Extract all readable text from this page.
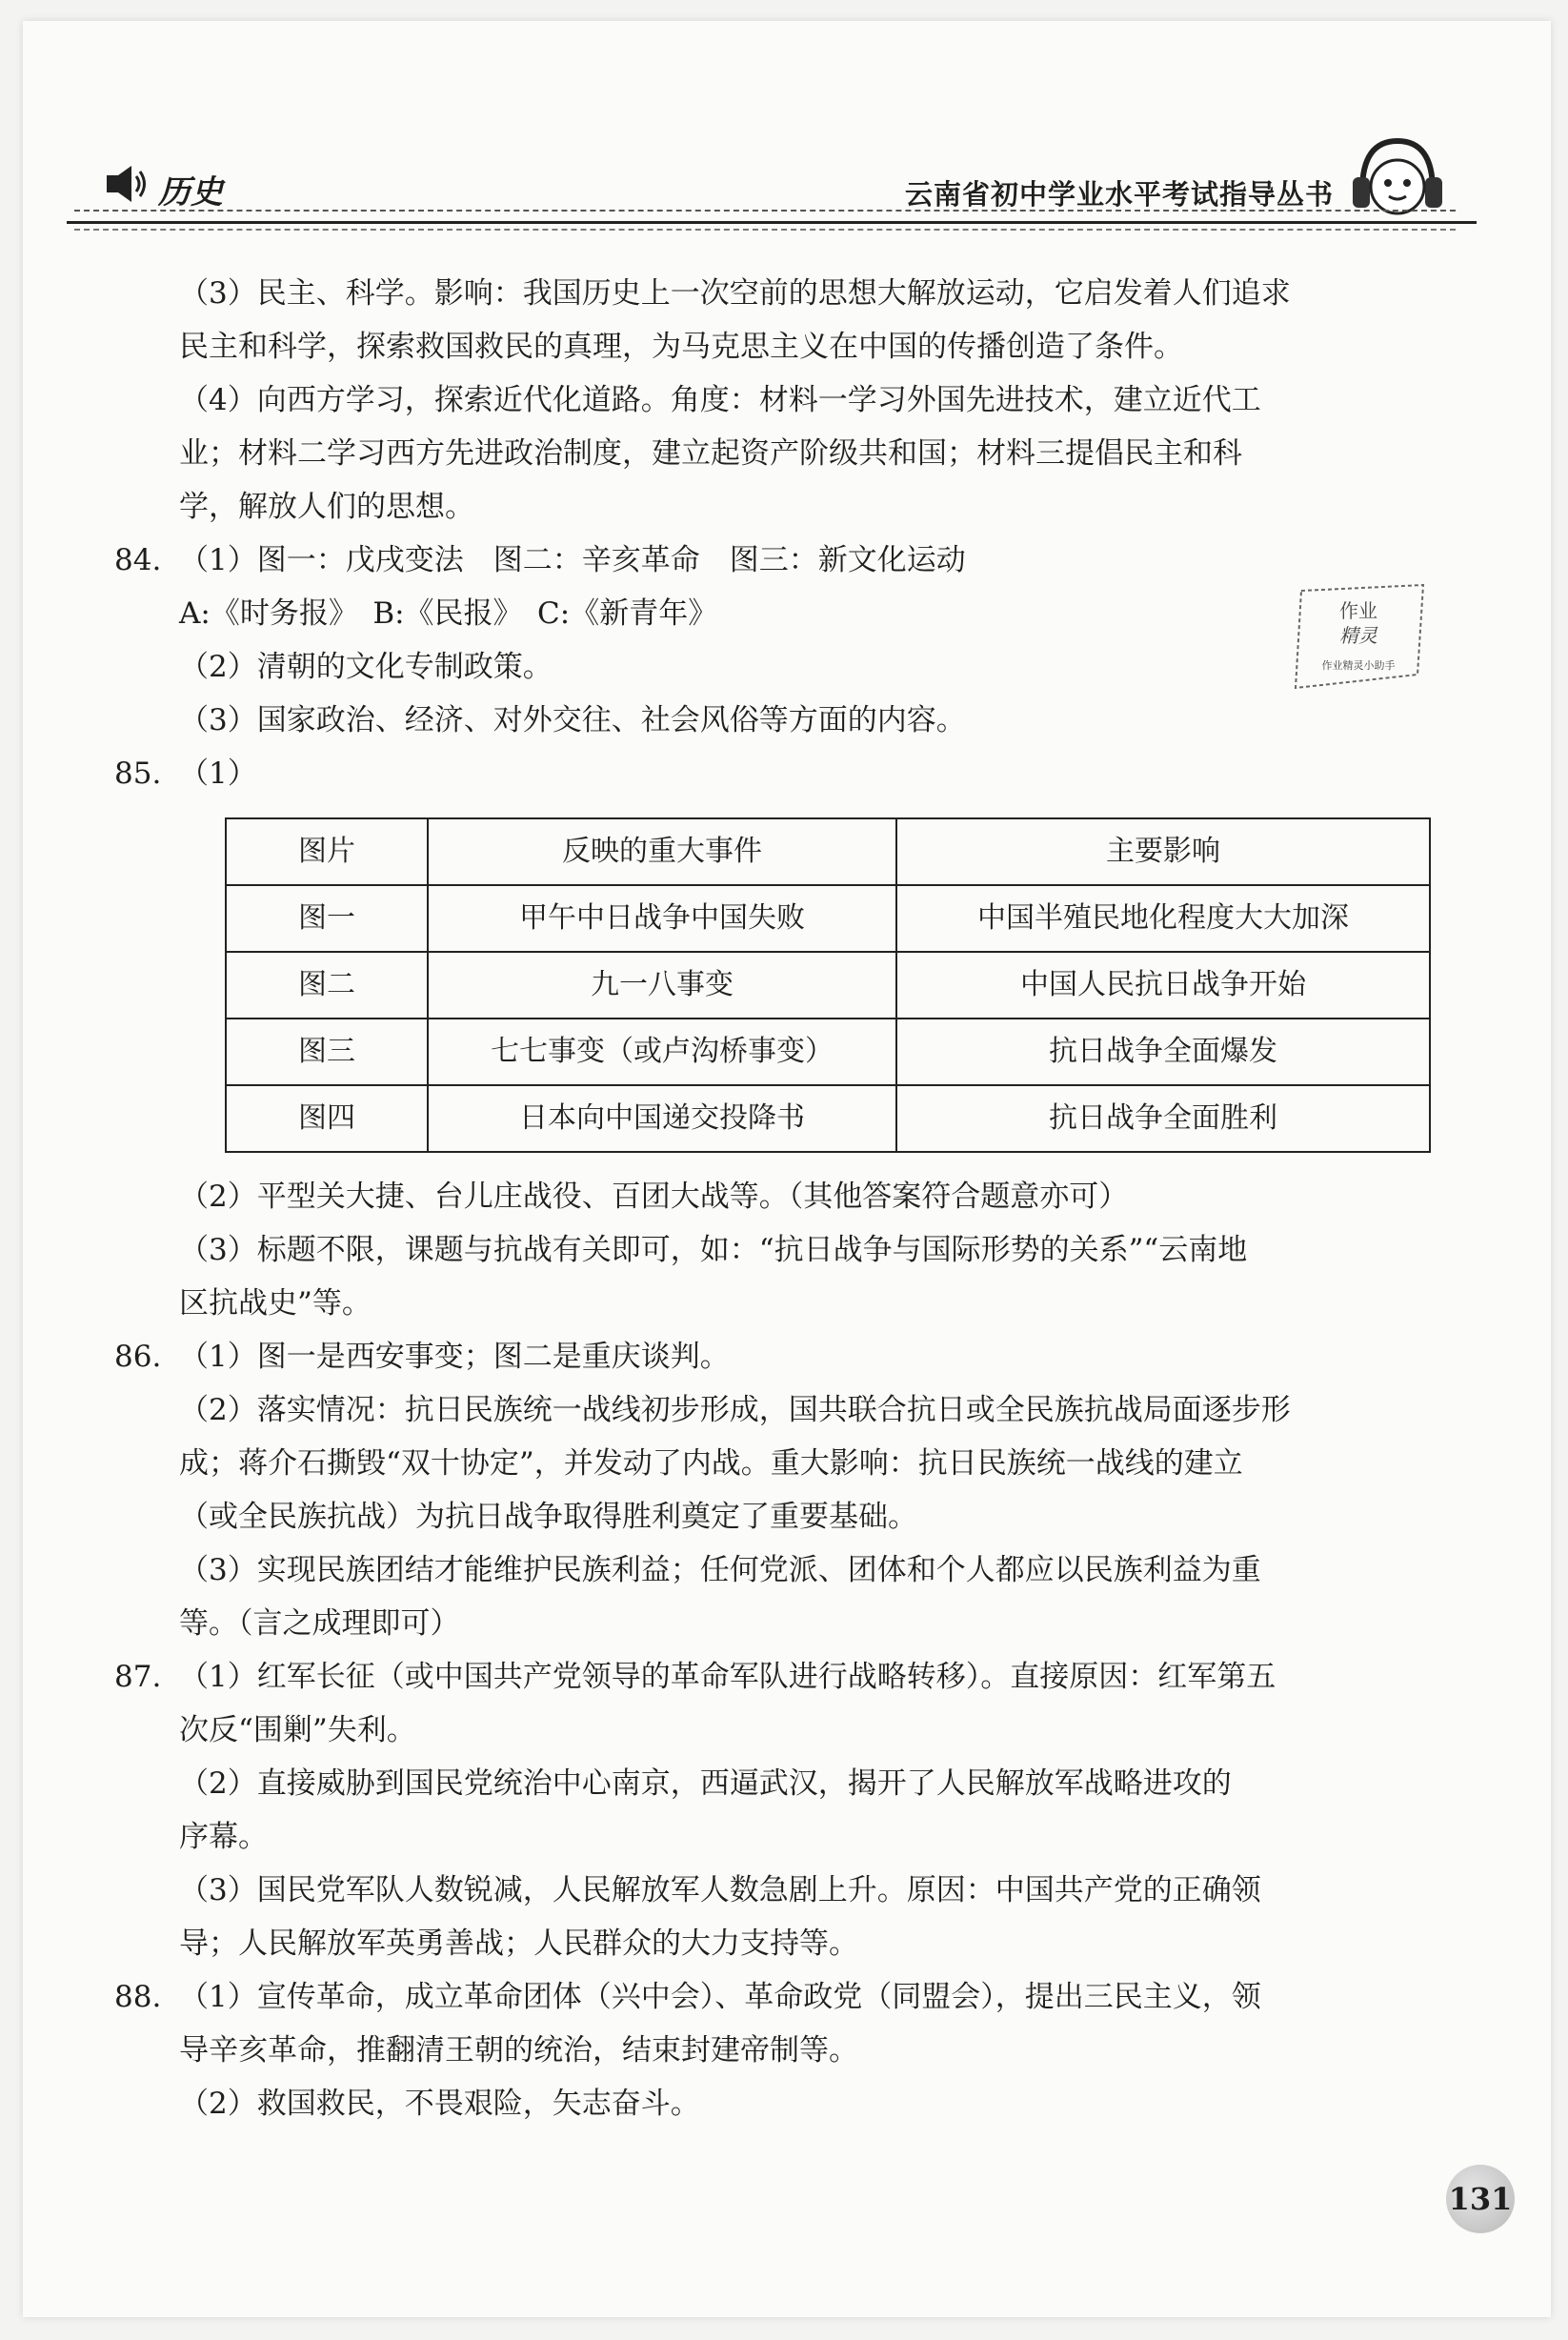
历史	云南省初中学业水平考试指导丛书
作业
精灵
作业精灵小助手

（3）民主、科学。影响：我国历史上一次空前的思想大解放运动，它启发着人们追求

民主和科学，探索救国救民的真理，为马克思主义在中国的传播创造了条件。

（4）向西方学习，探索近代化道路。角度：材料一学习外国先进技术，建立近代工

业；材料二学习西方先进政治制度，建立起资产阶级共和国；材料三提倡民主和科

学，解放人们的思想。

84. （1）图一：戊戌变法　图二：辛亥革命　图三：新文化运动

A:《时务报》　B:《民报》　C:《新青年》

（2）清朝的文化专制政策。

（3）国家政治、经济、对外交往、社会风俗等方面的内容。

85. （1）

图片	反映的重大事件	主要影响
图一	甲午中日战争中国失败	中国半殖民地化程度大大加深
图二	九一八事变	中国人民抗日战争开始
图三	七七事变（或卢沟桥事变）	抗日战争全面爆发
图四	日本向中国递交投降书	抗日战争全面胜利

（2）平型关大捷、台儿庄战役、百团大战等。（其他答案符合题意亦可）

（3）标题不限，课题与抗战有关即可，如：“抗日战争与国际形势的关系”“云南地

区抗战史”等。

86. （1）图一是西安事变；图二是重庆谈判。

（2）落实情况：抗日民族统一战线初步形成，国共联合抗日或全民族抗战局面逐步形

成；蒋介石撕毁“双十协定”，并发动了内战。重大影响：抗日民族统一战线的建立

（或全民族抗战）为抗日战争取得胜利奠定了重要基础。

（3）实现民族团结才能维护民族利益；任何党派、团体和个人都应以民族利益为重

等。（言之成理即可）

87. （1）红军长征（或中国共产党领导的革命军队进行战略转移）。直接原因：红军第五

次反“围剿”失利。

（2）直接威胁到国民党统治中心南京，西逼武汉，揭开了人民解放军战略进攻的

序幕。

（3）国民党军队人数锐减，人民解放军人数急剧上升。原因：中国共产党的正确领

导；人民解放军英勇善战；人民群众的大力支持等。

88. （1）宣传革命，成立革命团体（兴中会）、革命政党（同盟会），提出三民主义，领

导辛亥革命，推翻清王朝的统治，结束封建帝制等。

（2）救国救民，不畏艰险，矢志奋斗。

131
